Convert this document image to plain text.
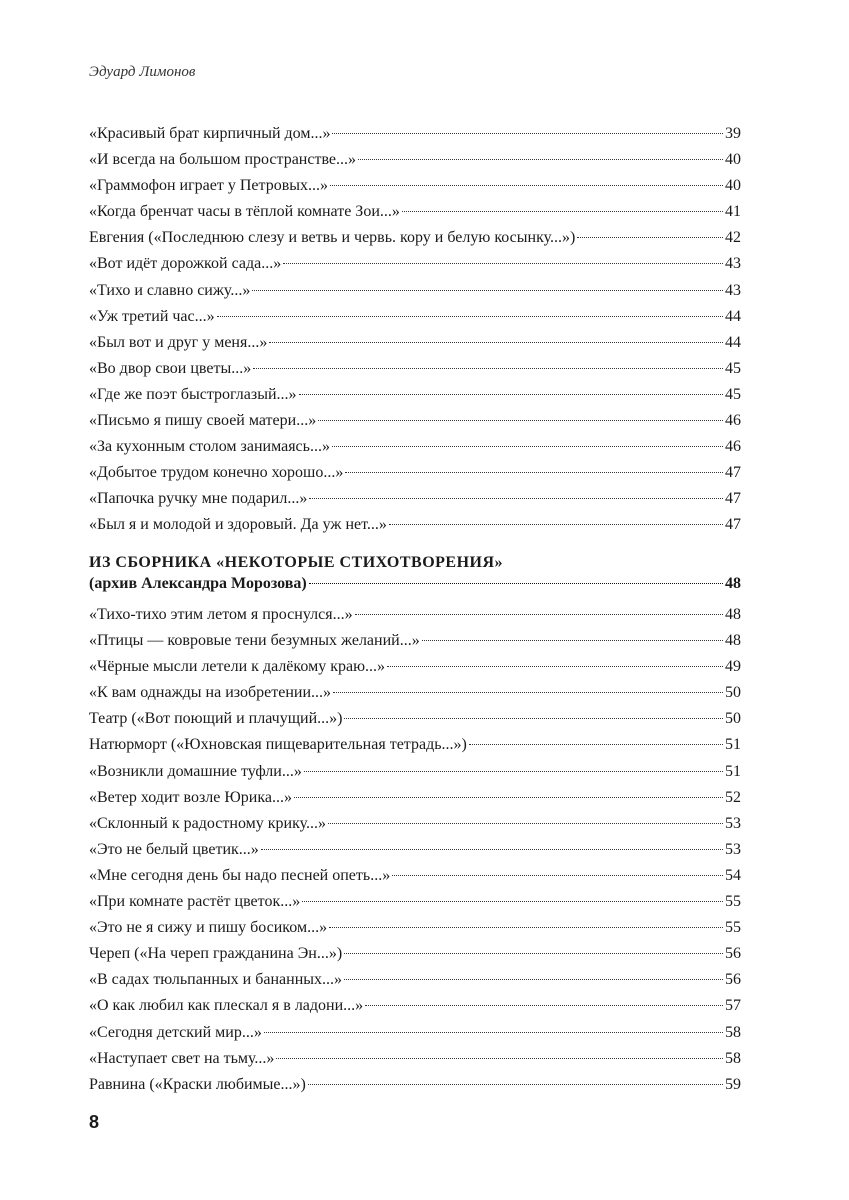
Эдуард Лимонов
«Красивый брат кирпичный дом...»	39
«И всегда на большом пространстве...»	40
«Граммофон играет у Петровых...»	40
«Когда бренчат часы в тёплой комнате Зои...»	41
Евгения («Последнюю слезу и ветвь и червь. кору и белую косынку...»)	42
«Вот идёт дорожкой сада...»	43
«Тихо и славно сижу...»	43
«Уж третий час...»	44
«Был вот и друг у меня...»	44
«Во двор свои цветы...»	45
«Где же поэт быстроглазый...»	45
«Письмо я пишу своей матери...»	46
«За кухонным столом занимаясь...»	46
«Добытое трудом конечно хорошо...»	47
«Папочка ручку мне подарил...»	47
«Был я и молодой и здоровый. Да уж нет...»	47
ИЗ СБОРНИКА «НЕКОТОРЫЕ СТИХОТВОРЕНИЯ»
(архив Александра Морозова)	48
«Тихо-тихо этим летом я проснулся...»	48
«Птицы — ковровые тени безумных желаний...»	48
«Чёрные мысли летели к далёкому краю...»	49
«К вам однажды на изобретении...»	50
Театр («Вот поющий и плачущий...»)	50
Натюрморт («Юхновская пищеварительная тетрадь...»)	51
«Возникли домашние туфли...»	51
«Ветер ходит возле Юрика...»	52
«Склонный к радостному крику...»	53
«Это не белый цветик...»	53
«Мне сегодня день бы надо песней опеть...»	54
«При комнате растёт цветок...»	55
«Это не я сижу и пишу босиком...»	55
Череп («На череп гражданина Эн...»)	56
«В садах тюльпанных и бананных...»	56
«О как любил как плескал я в ладони...»	57
«Сегодня детский мир...»	58
«Наступает свет на тьму...»	58
Равнина («Краски любимые...»)	59
8
